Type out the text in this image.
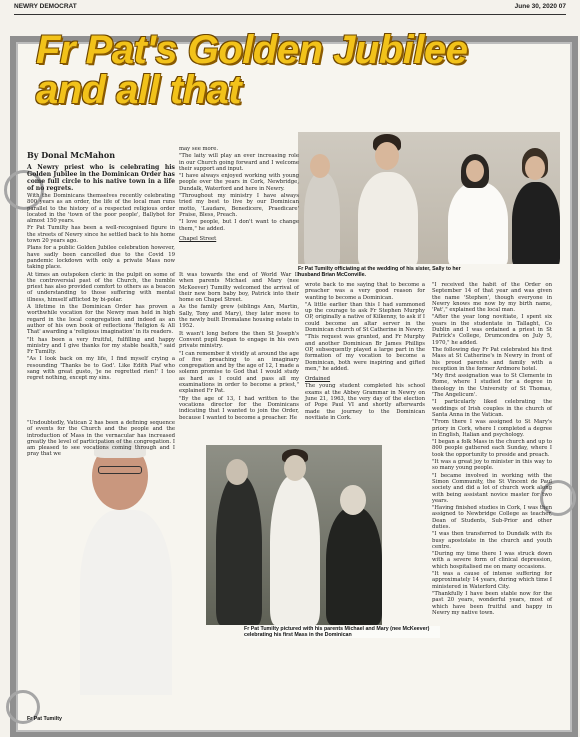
NEWRY DEMOCRAT	June 30, 2020 07
Fr Pat's Golden Jubilee
and all that
Fr Pat Tumilty officiating at the wedding of his sister, Sally to her husband Brian McConville.
Fr Pat Tumilty pictured with his parents Michael and Mary (nee McKeever) celebrating his first Mass in the Dominican
Fr Pat Tumilty
By Donal McMahon

A Newry priest who is celebrating his Golden Jubilee in the Dominican Order has come full circle to his native town in a life of no regrets.

With the Dominicans themselves recently celebrating 800 years as an order, the life of the local man runs parallel to the history of a respected religious order located in the 'town of the poor people', Ballybot for almost 150 years.

Fr Pat Tumilty has been a well-recognised figure in the streets of Newry since he settled back to his home town 20 years ago.

Plans for a public Golden Jubilee celebration however, have sadly been cancelled due to the Covid 19 pandemic lockdown with only a private Mass now taking place.

At times an outspoken cleric in the pulpit on some of the controversial past of the Church, the humble priest has also provided comfort to others as a beacon of understanding to those suffering with mental illness, himself afflicted by bi-polar.

A lifetime in the Dominican Order has proven a worthwhile vocation for the Newry man held in high regard in the local congregation and indeed as an author of his own book of reflections 'Religion & All That' awarding a 'religious imagination' in its readers.

"It has been a very fruitful, fulfilling and happy ministry and I give thanks for my stable health," said Fr Tumilty.

"As I look back on my life, I find myself crying a resounding 'Thanks be to God'. Like Edith Piaf who sang with great gusto, 'je ne regretted rien!' I too regret nothing, except my sins.

"Undoubtedly, Vatican 2 has been a defining sequence of events for the Church and the people and the introduction of Mass in the vernacular has increased greatly the level of participation of the congregation. I am pleased to see vocations coming through and I pray that we

may see more.

"The laity will play an ever increasing role in our Church going forward and I welcome their support and input.

"I have always enjoyed working with young people over the years in Cork, Newbridge, Dundalk, Waterford and here in Newry.

"Throughout my ministry I have always tried my best to live by our Dominican motto, 'Laudare, Benedicere, Praedicare' Praise, Bless, Preach.

"I love people, but I don't want to change them," he added.

Chapel Street

It was towards the end of World War II when parents Michael and Mary (nee McKeever) Tumilty welcomed the arrival of their new born baby boy, Patrick into their home on Chapel Street.

As the family grew (siblings Ann, Martin, Sally, Tony and Mary), they later move to the newly built Dromalane housing estate in 1952.

It wasn't long before the then St Joseph's Convent pupil began to engage in his own private ministry.

"I can remember it vividly at around the age of five preaching to an imaginary congregation and by the age of 12, I made a solemn promise to God that I would study as hard as I could and pass all my examinations in order to become a priest," explained Fr Pat.

"By the age of 13, I had written to the vocations director for the Dominicans indicating that I wanted to join the Order, because I wanted to become a preacher. He

wrote back to me saying that to become a preacher was a very good reason for wanting to become a Dominican.

"A little earlier than this I had summoned up the courage to ask Fr Stephen Murphy OP, originally a native of Kilkenny, to ask if I could become an altar server in the Dominican church of St Catherine in Newry.

"This request was granted, and Fr Murphy and another Dominican Br James Phillips OP, subsequently played a large part in the formation of my vocation to become a Dominican, both were inspiring and gifted men," he added.

Ordained

The young student completed his school exams at the Abbey Grammar in Newry on June 21, 1963, the very day of the election of Pope Paul VI and shortly afterwards made the journey to the Dominican novitiate in Cork.

"I received the habit of the Order on September 14 of that year and was given the name 'Stephen', though everyone in Newry knows me now by my birth name, 'Pat'," explained the local man.

"After the year long novitiate, I spent six years in the studentate in Tallaght, Co Dublin and I was ordained a priest in St Patrick's College, Drumcondra on July 5, 1970," he added.

The following day Fr Pat celebrated his first Mass at St Catherine's in Newry in front of his proud parents and family with a reception in the former Ardmore hotel.

"My first assignation was to St Clemente in Rome, where I studied for a degree in theology in the University of St Thomas, 'The Angelicum'.

"I particularly liked celebrating the weddings of Irish couples in the church of Santa Anna in the Vatican.

"From there I was assigned to St Mary's priory in Cork, where I completed a degree in English, Italian and psychology.

"I began a folk Mass in the church and up to 800 people gathered each Sunday, where I took the opportunity to preside and preach.

"It was a great joy to minister in this way to so many young people.

"I became involved in working with the Simon Community, the St Vincent de Paul society and did a lot of church work along with being assistant novice master for two years.

"Having finished studies in Cork, I was then assigned to Newbridge College as teacher, Dean of Students, Sub-Prior and other duties.

"I was then transferred to Dundalk with its busy apostolate in the church and youth centre.

"During my time there I was struck down with a severe form of clinical depression, which hospitalised me on many occasions.

"It was a cause of intense suffering for approximately 14 years, during which time I ministered in Waterford City.

"Thankfully I have been stable now for the past 20 years, wonderful years, most of which have been fruitful and happy in Newry my native town.
